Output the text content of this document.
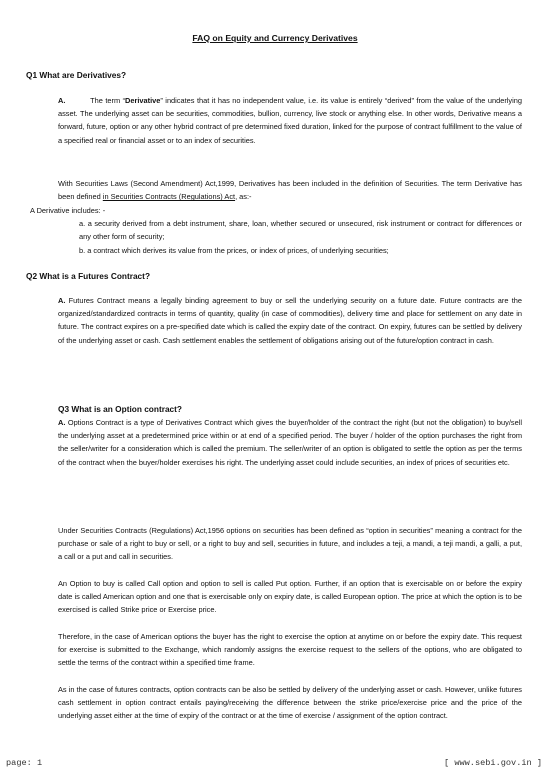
FAQ on Equity and Currency Derivatives
Q1 What are Derivatives?

A.	The term “Derivative” indicates that it has no independent value, i.e. its value is entirely “derived” from the value of the underlying asset. The underlying asset can be securities, commodities, bullion, currency, live stock or anything else. In other words, Derivative means a forward, future, option or any other hybrid contract of pre determined fixed duration, linked for the purpose of contract fulfillment to the value of a specified real or financial asset or to an index of securities.

With Securities Laws (Second Amendment) Act,1999, Derivatives has been included in the definition of Securities. The term Derivative has been defined in Securities Contracts (Regulations) Act, as:-

A Derivative includes: -
a. a security derived from a debt instrument, share, loan, whether secured or unsecured, risk instrument or contract for differences or any other form of security;
b. a contract which derives its value from the prices, or index of prices, of underlying securities;
Q2 What is a Futures Contract?

A. Futures Contract means a legally binding agreement to buy or sell the underlying security on a future date. Future contracts are the organized/standardized contracts in terms of quantity, quality (in case of commodities), delivery time and place for settlement on any date in future. The contract expires on a pre-specified date which is called the expiry date of the contract. On expiry, futures can be settled by delivery of the underlying asset or cash. Cash settlement enables the settlement of obligations arising out of the future/option contract in cash.

Q3 What is an Option contract?

A. Options Contract is a type of Derivatives Contract which gives the buyer/holder of the contract the right (but not the obligation) to buy/sell the underlying asset at a predetermined price within or at end of a specified period. The buyer / holder of the option purchases the right from the seller/writer for a consideration which is called the premium. The seller/writer of an option is obligated to settle the option as per the terms of the contract when the buyer/holder exercises his right. The underlying asset could include securities, an index of prices of securities etc.

Under Securities Contracts (Regulations) Act,1956 options on securities has been defined as “option in securities” meaning a contract for the purchase or sale of a right to buy or sell, or a right to buy and sell, securities in future, and includes a teji, a mandi, a teji mandi, a galli, a put, a call or a put and call in securities.

An Option to buy is called Call option and option to sell is called Put option. Further, if an option that is exercisable on or before the expiry date is called American option and one that is exercisable only on expiry date, is called European option. The price at which the option is to be exercised is called Strike price or Exercise price.

Therefore, in the case of American options the buyer has the right to exercise the option at anytime on or before the expiry date. This request for exercise is submitted to the Exchange, which randomly assigns the exercise request to the sellers of the options, who are obligated to settle the terms of the contract within a specified time frame.

As in the case of futures contracts, option contracts can be also be settled by delivery of the underlying asset or cash. However, unlike futures cash settlement in option contract entails paying/receiving the difference between the strike price/exercise price and the price of the underlying asset either at the time of expiry of the contract or at the time of exercise / assignment of the option contract.

page: 1	[ www.sebi.gov.in ]
